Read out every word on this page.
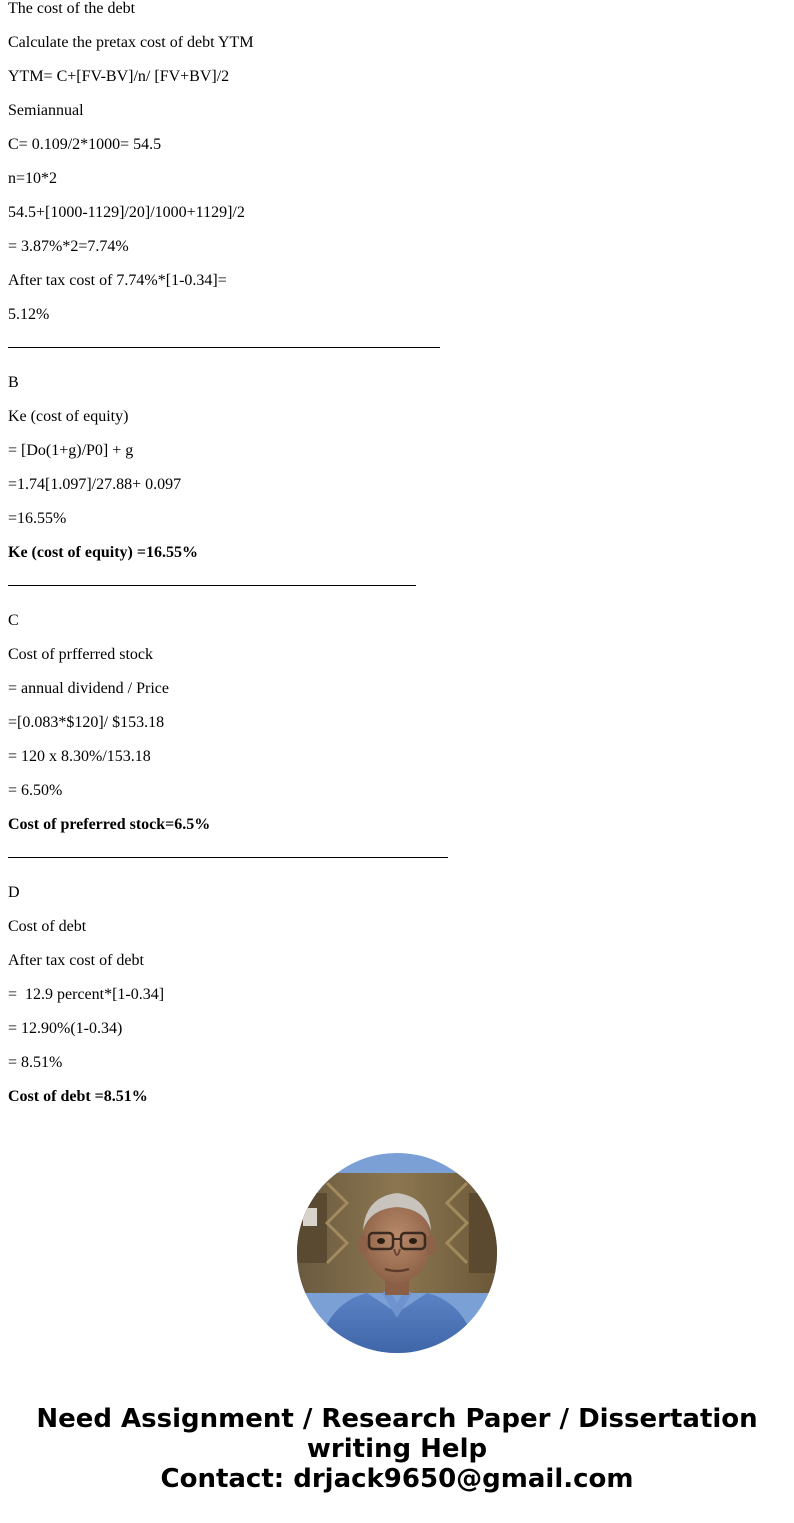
The cost of the debt

Calculate the pretax cost of debt YTM

YTM= C+[FV-BV]/n/ [FV+BV]/2

Semiannual

C= 0.109/2*1000= 54.5

n=10*2

54.5+[1000-1129]/20]/1000+1129]/2

= 3.87%*2=7.74%

After tax cost of 7.74%*[1-0.34]=

5.12%

B

Ke (cost of equity)

= [Do(1+g)/P0] + g

=1.74[1.097]/27.88+ 0.097

=16.55%

Ke (cost of equity) =16.55%

C

Cost of prfferred stock

= annual dividend / Price

=[0.083*$120]/ $153.18

= 120 x 8.30%/153.18

= 6.50%

Cost of preferred stock=6.5%

D

Cost of debt

After tax cost of debt

=  12.9 percent*[1-0.34]

= 12.90%(1-0.34)

= 8.51%

Cost of debt =8.51%

Need Assignment / Research Paper / Dissertation
writing Help
Contact: drjack9650@gmail.com
